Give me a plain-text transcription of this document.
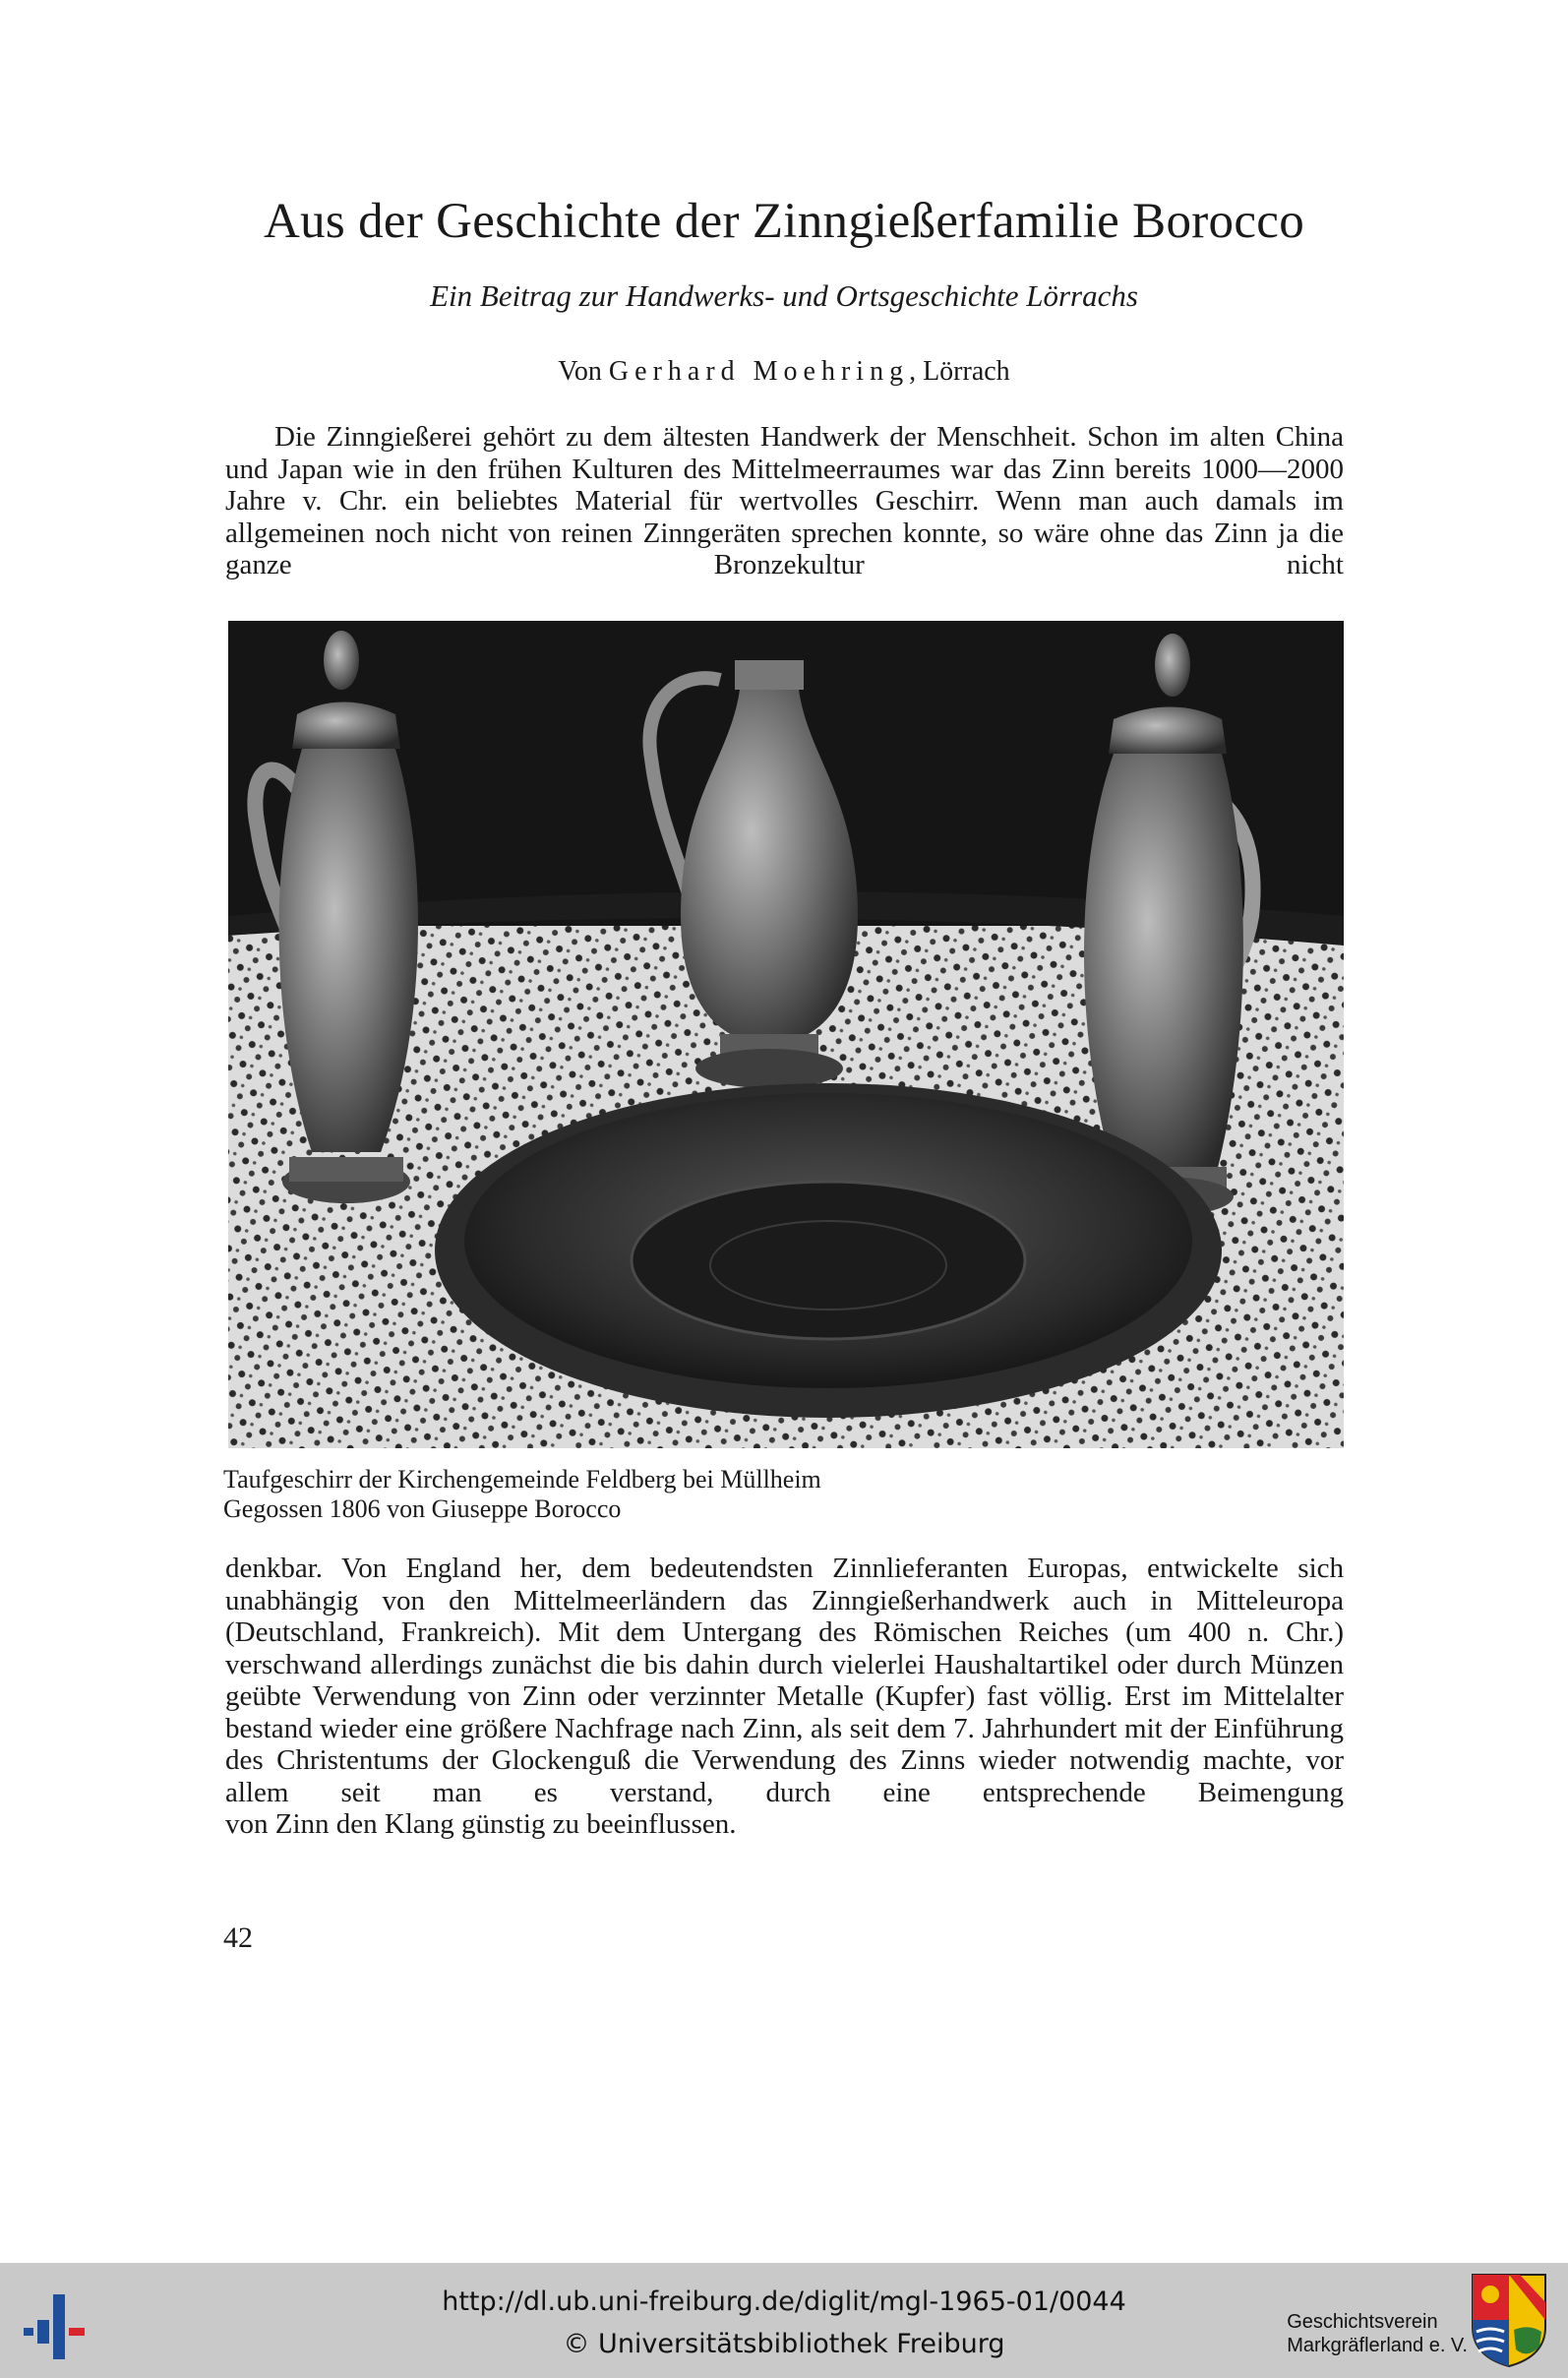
Aus der Geschichte der Zinngießerfamilie Borocco

Ein Beitrag zur Handwerks- und Ortsgeschichte Lörrachs

Von Gerhard Moehring, Lörrach

Die Zinngießerei gehört zu dem ältesten Handwerk der Menschheit. Schon im alten China und Japan wie in den frühen Kulturen des Mittelmeerraumes war das Zinn bereits 1000—2000 Jahre v. Chr. ein beliebtes Material für wertvolles Geschirr. Wenn man auch damals im allgemeinen noch nicht von reinen Zinngeräten sprechen konnte, so wäre ohne das Zinn ja die ganze Bronzekultur nicht

Taufgeschirr der Kirchengemeinde Feldberg bei Müllheim
Gegossen 1806 von Giuseppe Borocco

denkbar. Von England her, dem bedeutendsten Zinnlieferanten Europas, entwickelte sich unabhängig von den Mittelmeerländern das Zinngießerhandwerk auch in Mitteleuropa (Deutschland, Frankreich). Mit dem Untergang des Römischen Reiches (um 400 n. Chr.) verschwand allerdings zunächst die bis dahin durch vielerlei Haushaltartikel oder durch Münzen geübte Verwendung von Zinn oder verzinnter Metalle (Kupfer) fast völlig. Erst im Mittelalter bestand wieder eine größere Nachfrage nach Zinn, als seit dem 7. Jahrhundert mit der Einführung des Christentums der Glockenguß die Verwendung des Zinns wieder notwendig machte, vor allem seit man es verstand, durch eine entsprechende Beimengung
von Zinn den Klang günstig zu beeinflussen.

42

http://dl.ub.uni-freiburg.de/diglit/mgl-1965-01/0044
© Universitätsbibliothek Freiburg
Geschichtsverein
Markgräflerland e. V.
